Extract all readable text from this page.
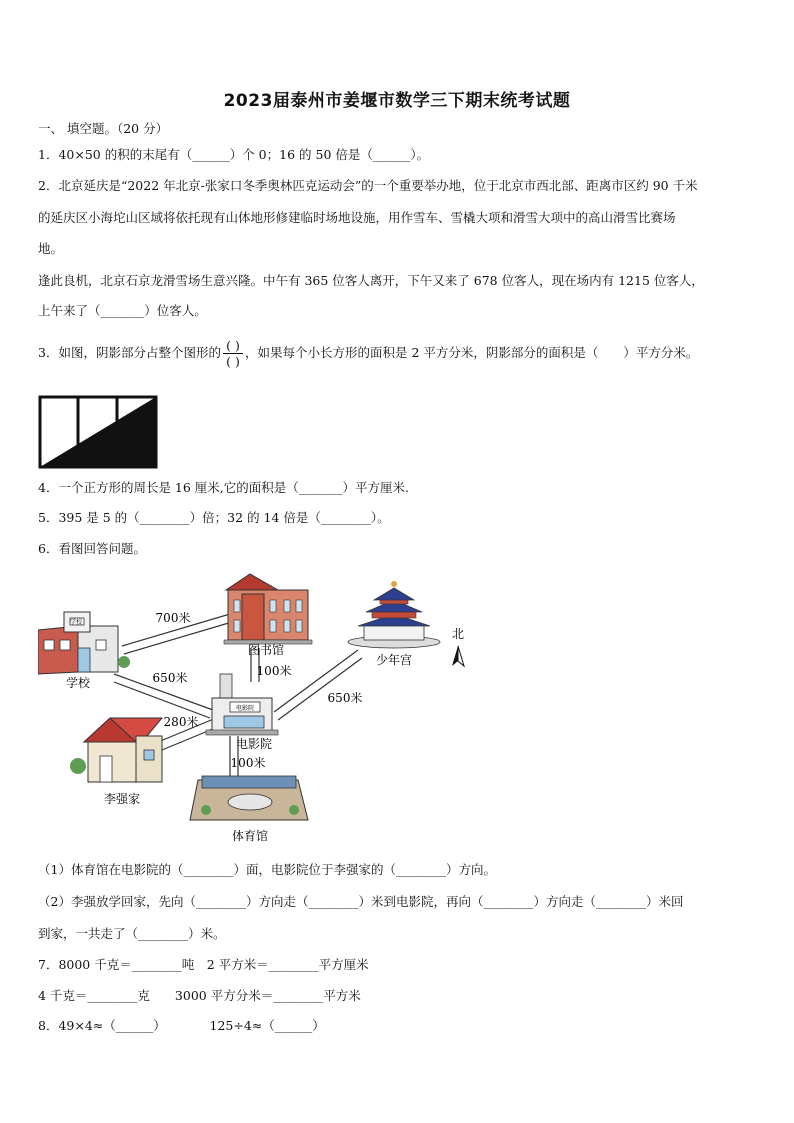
2023届泰州市姜堰市数学三下期末统考试题
一、 填空题。（20 分）
1．40×50 的积的末尾有（______）个 0；16 的 50 倍是（______）。
2．北京延庆是“2022 年北京-张家口冬季奥林匹克运动会”的一个重要举办地，位于北京市西北部、距离市区约 90 千米
的延庆区小海坨山区域将依托现有山体地形修建临时场地设施，用作雪车、雪橇大项和滑雪大项中的高山滑雪比赛场
地。
逢此良机，北京石京龙滑雪场生意兴隆。中午有 365 位客人离开，下午又来了 678 位客人，现在场内有 1215 位客人，
上午来了（_______）位客人。
3．如图，阴影部分占整个图形的 $\frac{( )}{( )}$ ，如果每个小长方形的面积是 2 平方分米，阴影部分的面积是（　　）平方分米。
4．一个正方形的周长是 16 厘米,它的面积是（_______）平方厘米.
5．395 是 5 的（________）倍；32 的 14 倍是（________）。
6．看图回答问题。
学校
学校
图书馆
少年宫
北
电影院
电影院
李强家
体育馆
700米
100米
650米
650米
280米
100米
（1）体育馆在电影院的（________）面，电影院位于李强家的（________）方向。
（2）李强放学回家，先向（________）方向走（________）米到电影院，再向（________）方向走（________）米回
到家，一共走了（________）米。
7．8000 千克＝________吨　2 平方米＝________平方厘米
4 千克＝________克　　3000 平方分米＝________平方米
8．49×4≈（______）　　　　125÷4≈（______）
